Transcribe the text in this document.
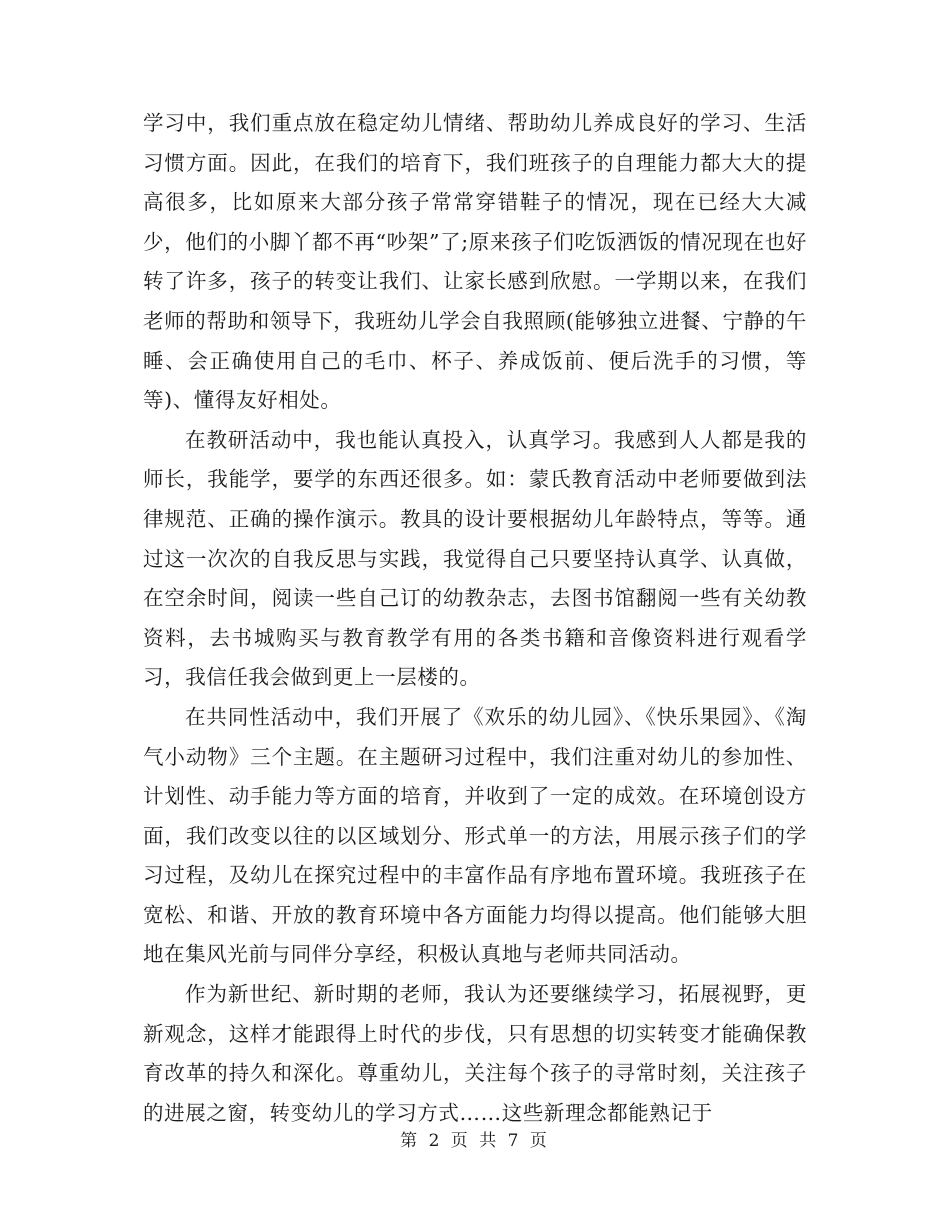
学习中，我们重点放在稳定幼儿情绪、帮助幼儿养成良好的学习、生活习惯方面。因此，在我们的培育下，我们班孩子的自理能力都大大的提高很多，比如原来大部分孩子常常穿错鞋子的情况，现在已经大大减少，他们的小脚丫都不再“吵架”了;原来孩子们吃饭洒饭的情况现在也好转了许多，孩子的转变让我们、让家长感到欣慰。一学期以来，在我们老师的帮助和领导下，我班幼儿学会自我照顾(能够独立进餐、宁静的午睡、会正确使用自己的毛巾、杯子、养成饭前、便后洗手的习惯，等等)、懂得友好相处。

在教研活动中，我也能认真投入，认真学习。我感到人人都是我的师长，我能学，要学的东西还很多。如：蒙氏教育活动中老师要做到法律规范、正确的操作演示。教具的设计要根据幼儿年龄特点，等等。通过这一次次的自我反思与实践，我觉得自己只要坚持认真学、认真做，在空余时间，阅读一些自己订的幼教杂志，去图书馆翻阅一些有关幼教资料，去书城购买与教育教学有用的各类书籍和音像资料进行观看学习，我信任我会做到更上一层楼的。

在共同性活动中，我们开展了《欢乐的幼儿园》、《快乐果园》、《淘气小动物》三个主题。在主题研习过程中，我们注重对幼儿的参加性、计划性、动手能力等方面的培育，并收到了一定的成效。在环境创设方面，我们改变以往的以区域划分、形式单一的方法，用展示孩子们的学习过程，及幼儿在探究过程中的丰富作品有序地布置环境。我班孩子在宽松、和谐、开放的教育环境中各方面能力均得以提高。他们能够大胆地在集风光前与同伴分享经，积极认真地与老师共同活动。

作为新世纪、新时期的老师，我认为还要继续学习，拓展视野，更新观念，这样才能跟得上时代的步伐，只有思想的切实转变才能确保教育改革的持久和深化。尊重幼儿，关注每个孩子的寻常时刻，关注孩子的进展之窗，转变幼儿的学习方式……这些新理念都能熟记于

第 2 页 共 7 页
